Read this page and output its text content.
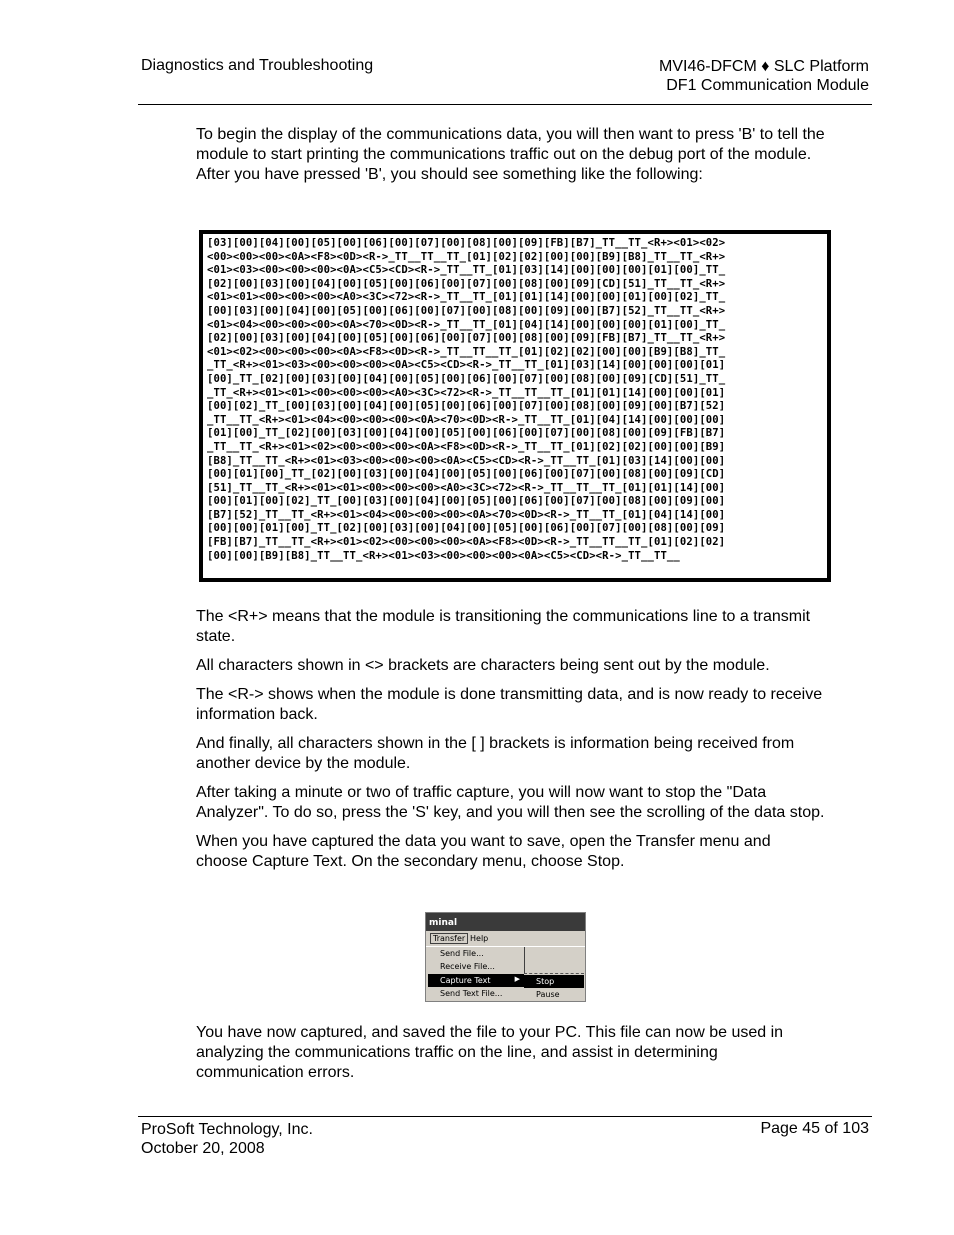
Diagnostics and Troubleshooting	MVI46-DFCM ♦ SLC Platform
DF1 Communication Module

To begin the display of the communications data, you will then want to press 'B' to tell the module to start printing the communications traffic out on the debug port of the module. After you have pressed 'B', you should see something like the following:

[03][00][04][00][05][00][06][00][07][00][08][00][09][FB][B7]_TT__TT_<R+><01><02>
<00><00><00><0A><F8><0D><R->_TT__TT__TT_[01][02][02][00][00][B9][B8]_TT__TT_<R+>
<01><03><00><00><00><0A><C5><CD><R->_TT__TT_[01][03][14][00][00][00][01][00]_TT_
[02][00][03][00][04][00][05][00][06][00][07][00][08][00][09][CD][51]_TT__TT_<R+>
<01><01><00><00><00><A0><3C><72><R->_TT__TT_[01][01][14][00][00][01][00][02]_TT_
[00][03][00][04][00][05][00][06][00][07][00][08][00][09][00][B7][52]_TT__TT_<R+>
<01><04><00><00><00><0A><70><0D><R->_TT__TT_[01][04][14][00][00][00][01][00]_TT_
[02][00][03][00][04][00][05][00][06][00][07][00][08][00][09][FB][B7]_TT__TT_<R+>
<01><02><00><00><00><0A><F8><0D><R->_TT__TT__TT_[01][02][02][00][00][B9][B8]_TT_
_TT_<R+><01><03><00><00><00><0A><C5><CD><R->_TT__TT_[01][03][14][00][00][00][01]
[00]_TT_[02][00][03][00][04][00][05][00][06][00][07][00][08][00][09][CD][51]_TT_
_TT_<R+><01><01><00><00><00><A0><3C><72><R->_TT__TT__TT_[01][01][14][00][00][01]
[00][02]_TT_[00][03][00][04][00][05][00][06][00][07][00][08][00][09][00][B7][52]
_TT__TT_<R+><01><04><00><00><00><0A><70><0D><R->_TT__TT_[01][04][14][00][00][00]
[01][00]_TT_[02][00][03][00][04][00][05][00][06][00][07][00][08][00][09][FB][B7]
_TT__TT_<R+><01><02><00><00><00><0A><F8><0D><R->_TT__TT_[01][02][02][00][00][B9]
[B8]_TT__TT_<R+><01><03><00><00><00><0A><C5><CD><R->_TT__TT_[01][03][14][00][00]
[00][01][00]_TT_[02][00][03][00][04][00][05][00][06][00][07][00][08][00][09][CD]
[51]_TT__TT_<R+><01><01><00><00><00><A0><3C><72><R->_TT__TT__TT_[01][01][14][00]
[00][01][00][02]_TT_[00][03][00][04][00][05][00][06][00][07][00][08][00][09][00]
[B7][52]_TT__TT_<R+><01><04><00><00><00><0A><70><0D><R->_TT__TT_[01][04][14][00]
[00][00][01][00]_TT_[02][00][03][00][04][00][05][00][06][00][07][00][08][00][09]
[FB][B7]_TT__TT_<R+><01><02><00><00><00><0A><F8><0D><R->_TT__TT__TT_[01][02][02]
[00][00][B9][B8]_TT__TT_<R+><01><03><00><00><00><0A><C5><CD><R->_TT__TT__

The <R+> means that the module is transitioning the communications line to a transmit state.

All characters shown in <> brackets are characters being sent out by the module.

The <R-> shows when the module is done transmitting data, and is now ready to receive information back.

And finally, all characters shown in the [ ] brackets is information being received from another device by the module.

After taking a minute or two of traffic capture, you will now want to stop the "Data Analyzer". To do so, press the 'S' key, and you will then see the scrolling of the data stop.

When you have captured the data you want to save, open the Transfer menu and choose Capture Text. On the secondary menu, choose Stop.

minal
Transfer Help
Send File...
Receive File...
Capture Text	▶
Send Text File...
Stop
Pause
You have now captured, and saved the file to your PC. This file can now be used in analyzing the communications traffic on the line, and assist in determining communication errors.
ProSoft Technology, Inc.
October 20, 2008
Page 45 of 103
